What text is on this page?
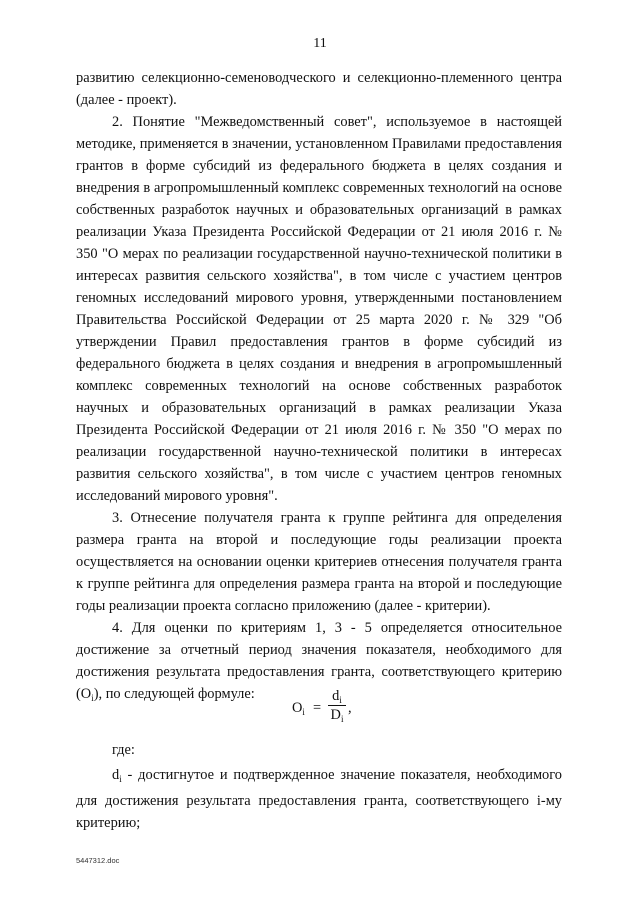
11

развитию селекционно-семеноводческого и селекционно-племенного центра (далее - проект).

2. Понятие "Межведомственный совет", используемое в настоящей методике, применяется в значении, установленном Правилами предоставления грантов в форме субсидий из федерального бюджета в целях создания и внедрения в агропромышленный комплекс современных технологий на основе собственных разработок научных и образовательных организаций в рамках реализации Указа Президента Российской Федерации от 21 июля 2016 г. № 350 "О мерах по реализации государственной научно-технической политики в интересах развития сельского хозяйства", в том числе с участием центров геномных исследований мирового уровня, утвержденными постановлением Правительства Российской Федерации от 25 марта 2020 г. № 329 "Об утверждении Правил предоставления грантов в форме субсидий из федерального бюджета в целях создания и внедрения в агропромышленный комплекс современных технологий на основе собственных разработок научных и образовательных организаций в рамках реализации Указа Президента Российской Федерации от 21 июля 2016 г. № 350 "О мерах по реализации государственной научно-технической политики в интересах развития сельского хозяйства", в том числе с участием центров геномных исследований мирового уровня".

3. Отнесение получателя гранта к группе рейтинга для определения размера гранта на второй и последующие годы реализации проекта осуществляется на основании оценки критериев отнесения получателя гранта к группе рейтинга для определения размера гранта на второй и последующие годы реализации проекта согласно приложению (далее - критерии).

4. Для оценки по критериям 1, 3 - 5 определяется относительное достижение за отчетный период значения показателя, необходимого для достижения результата предоставления гранта, соответствующего критерию $(O_i)$, по следующей формуле:

$O_i = \frac{d_i}{D_i}$ ,
где:

$d_i$ - достигнутое и подтвержденное значение показателя, необходимого для достижения результата предоставления гранта, соответствующего i-му критерию;

5447312.doc
